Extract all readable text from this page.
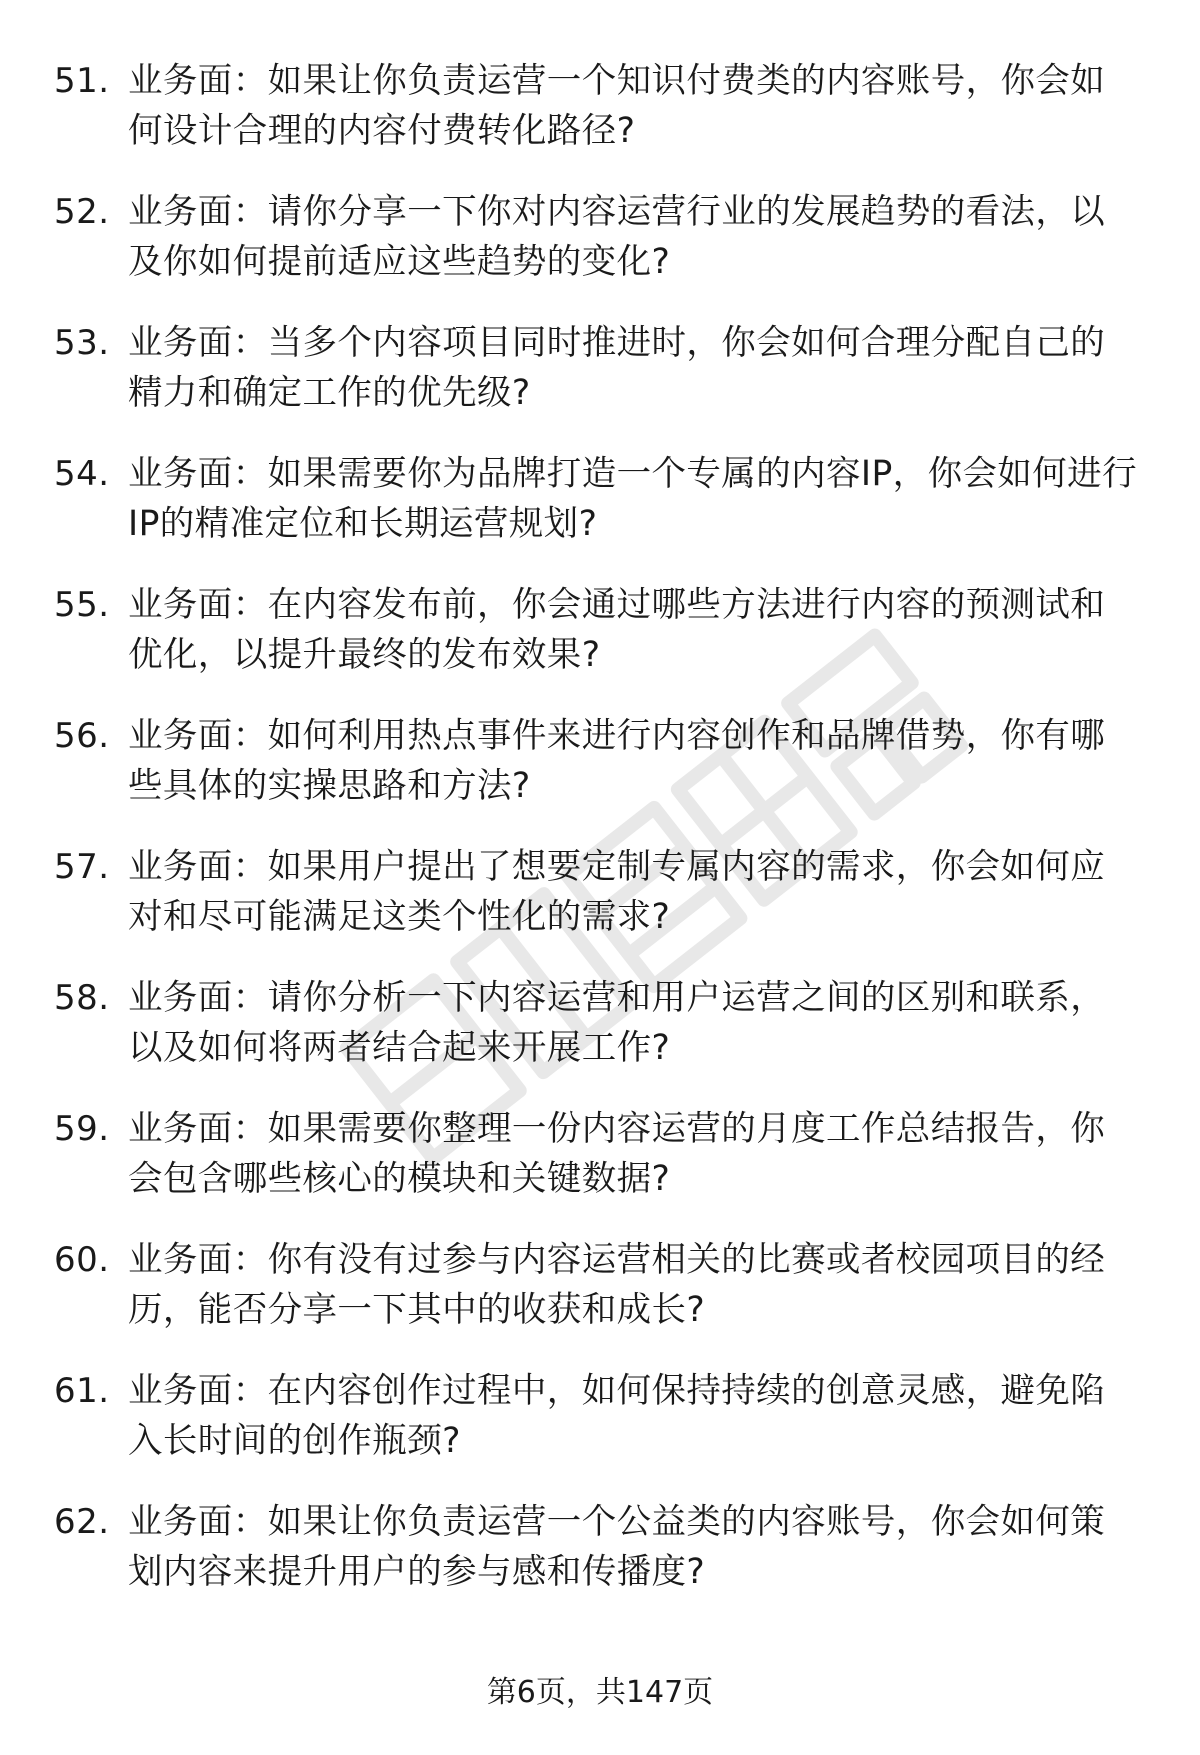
51. 业务面：如果让你负责运营一个知识付费类的内容账号，你会如何设计合理的内容付费转化路径?
52. 业务面：请你分享一下你对内容运营行业的发展趋势的看法，以及你如何提前适应这些趋势的变化?
53. 业务面：当多个内容项目同时推进时，你会如何合理分配自己的精力和确定工作的优先级?
54. 业务面：如果需要你为品牌打造一个专属的内容IP，你会如何进行IP的精准定位和长期运营规划?
55. 业务面：在内容发布前，你会通过哪些方法进行内容的预测试和优化，以提升最终的发布效果?
56. 业务面：如何利用热点事件来进行内容创作和品牌借势，你有哪些具体的实操思路和方法?
57. 业务面：如果用户提出了想要定制专属内容的需求，你会如何应对和尽可能满足这类个性化的需求?
58. 业务面：请你分析一下内容运营和用户运营之间的区别和联系，以及如何将两者结合起来开展工作?
59. 业务面：如果需要你整理一份内容运营的月度工作总结报告，你会包含哪些核心的模块和关键数据?
60. 业务面：你有没有过参与内容运营相关的比赛或者校园项目的经历，能否分享一下其中的收获和成长?
61. 业务面：在内容创作过程中，如何保持持续的创意灵感，避免陷入长时间的创作瓶颈?
62. 业务面：如果让你负责运营一个公益类的内容账号，你会如何策划内容来提升用户的参与感和传播度?
第6页，共147页
